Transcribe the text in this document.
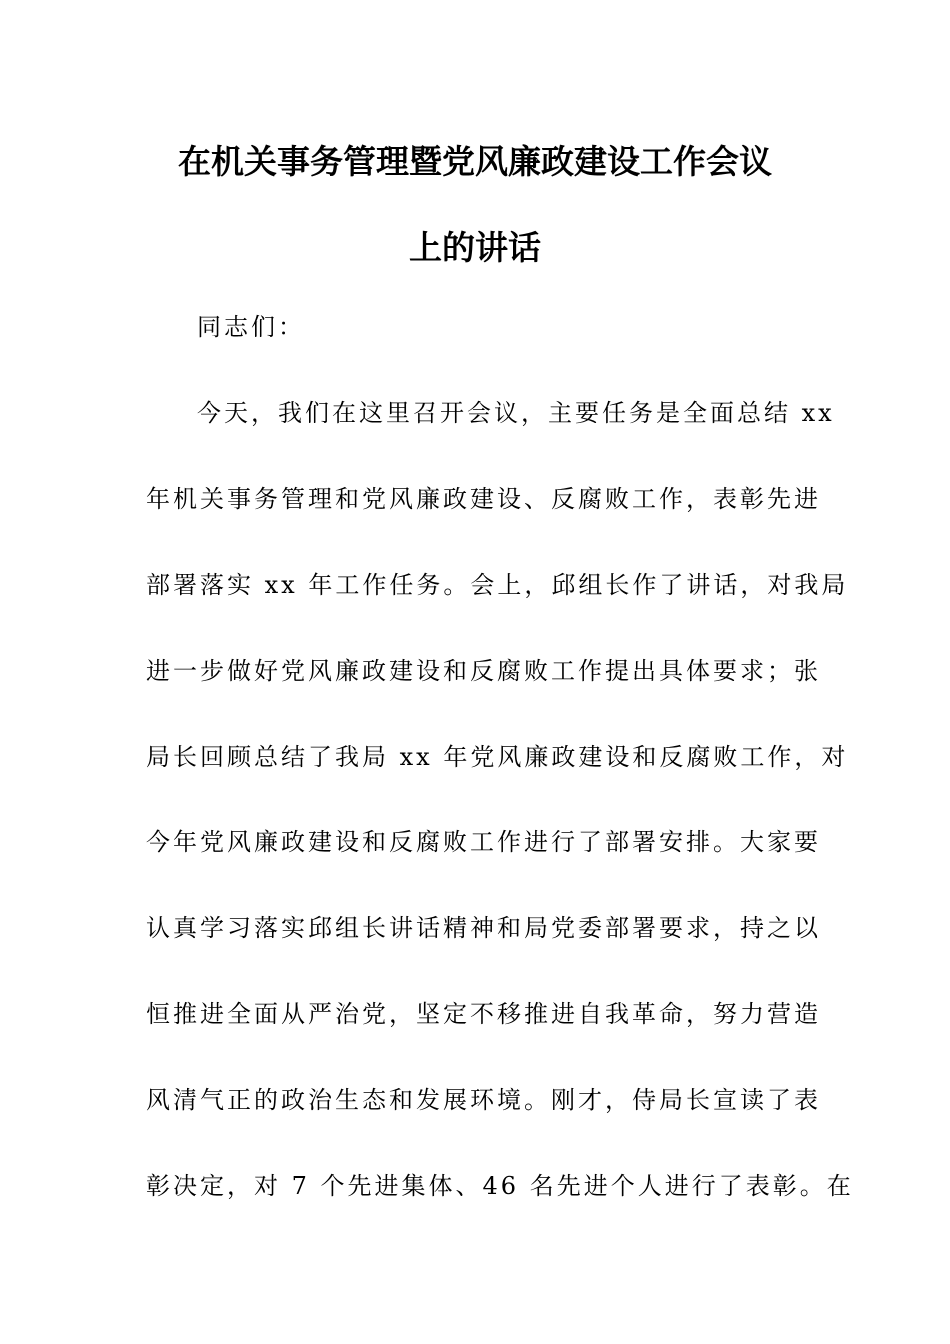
在机关事务管理暨党风廉政建设工作会议
上的讲话
同志们：
今天，我们在这里召开会议，主要任务是全面总结 xx
年机关事务管理和党风廉政建设、反腐败工作，表彰先进
部署落实 xx 年工作任务。会上，邱组长作了讲话，对我局
进一步做好党风廉政建设和反腐败工作提出具体要求；张
局长回顾总结了我局 xx 年党风廉政建设和反腐败工作，对
今年党风廉政建设和反腐败工作进行了部署安排。大家要
认真学习落实邱组长讲话精神和局党委部署要求，持之以
恒推进全面从严治党，坚定不移推进自我革命，努力营造
风清气正的政治生态和发展环境。刚才，侍局长宣读了表
彰决定，对 7 个先进集体、46 名先进个人进行了表彰。在
